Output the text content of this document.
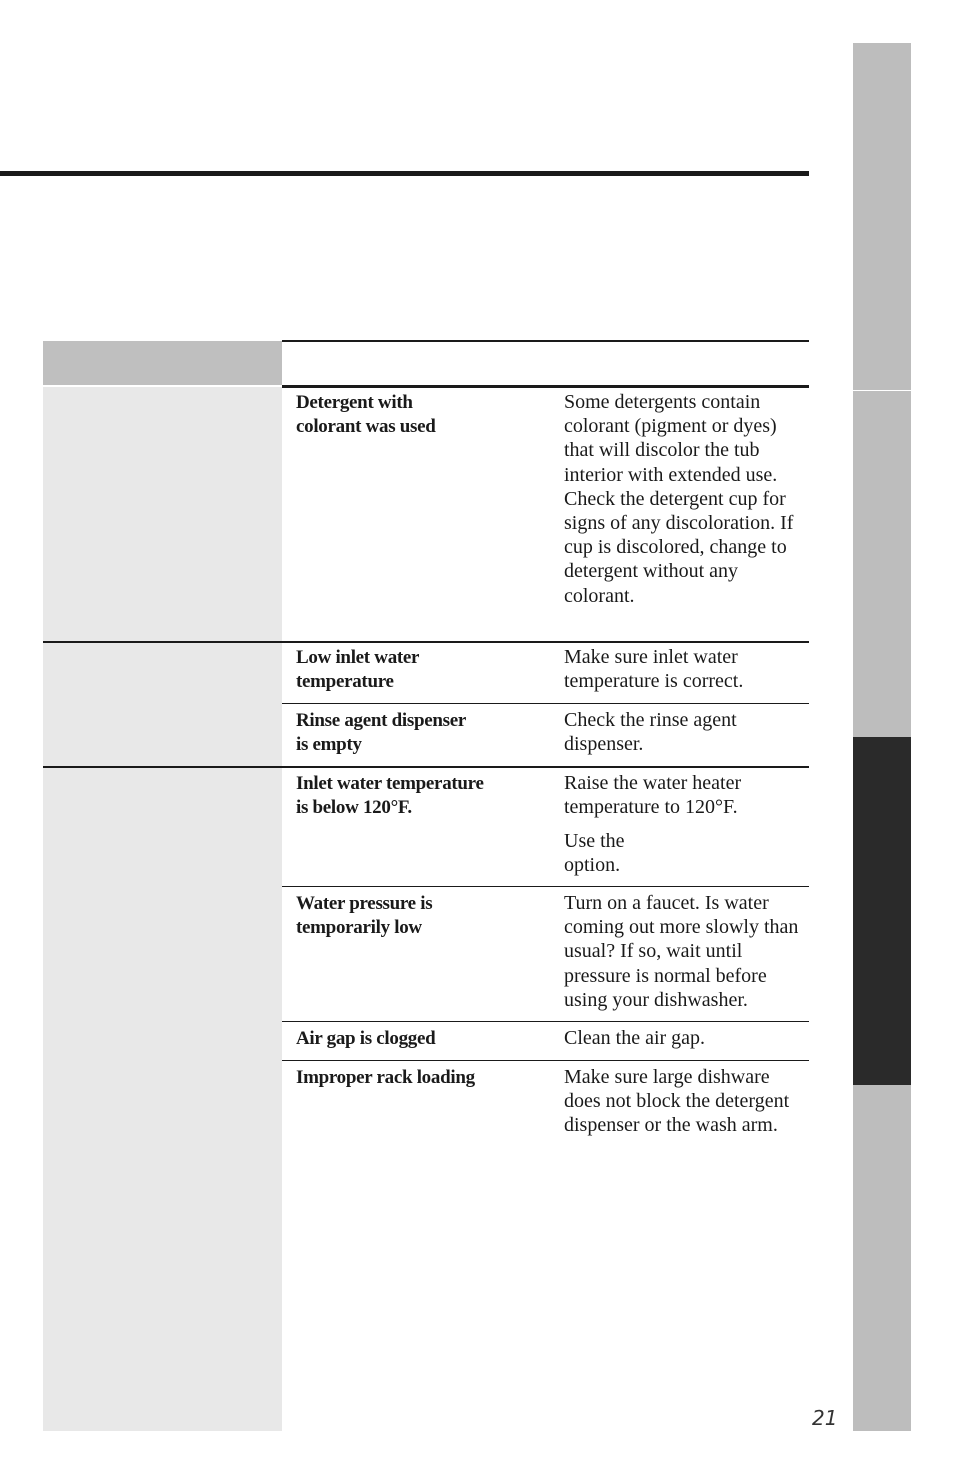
Detergent with
colorant was used
Some detergents contain colorant (pigment or dyes) that will discolor the tub interior with extended use. Check the detergent cup for signs of any discoloration. If cup is discolored, change to detergent without any colorant.
Low inlet water
temperature
Make sure inlet water temperature is correct.
Rinse agent dispenser
is empty
Check the rinse agent dispenser.
Inlet water temperature
is below 120°F.
Raise the water heater temperature to 120°F.
Use the
option.
Water pressure is
temporarily low
Turn on a faucet. Is water coming out more slowly than usual? If so, wait until pressure is normal before using your dishwasher.
Air gap is clogged	Clean the air gap.
Improper rack loading	Make sure large dishware does not block the detergent dispenser or the wash arm.
21
